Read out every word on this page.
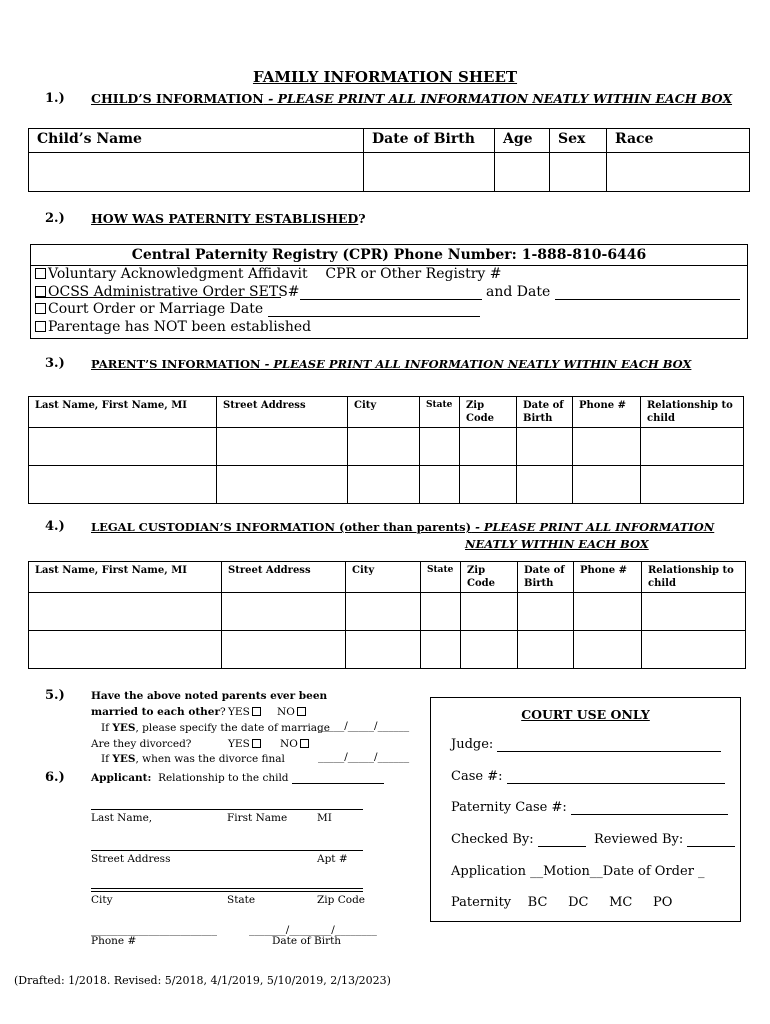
FAMILY INFORMATION SHEET
1.) CHILD’S INFORMATION - PLEASE PRINT ALL INFORMATION NEATLY WITHIN EACH BOX
Child’s Name	Date of Birth	Age	Sex	Race

2.) HOW WAS PATERNITY ESTABLISHED?
Central Paternity Registry (CPR) Phone Number: 1-888-810-6446
Voluntary Acknowledgment Affidavit CPR or Other Registry #
OCSS Administrative Order SETS#	and Date
Court Order or Marriage Date
Parentage has NOT been established
3.) PARENT’S INFORMATION - PLEASE PRINT ALL INFORMATION NEATLY WITHIN EACH BOX
Last Name, First Name, MI	Street Address	City	State	Zip Code	Date of Birth	Phone #	Relationship to child

4.) LEGAL CUSTODIAN’S INFORMATION (other than parents) - PLEASE PRINT ALL INFORMATION
NEATLY WITHIN EACH BOX
Last Name, First Name, MI	Street Address	City	State	Zip Code	Date of Birth	Phone #	Relationship to child

5.)	Have the above noted parents ever been
married to each other? YES	NO
If YES, please specify the date of marriage
_____/_____/______
Are they divorced?	YES	NO
If YES, when was the divorce final	_____/_____/______
6.)	Applicant: Relationship to the child
Last Name,	First Name	MI
Street Address	Apt #
City	State	Zip Code
________________________	_______/________/________
Phone #	Date of Birth
COURT USE ONLY
Judge:
Case #:
Paternity Case #:
Checked By:	Reviewed By:
Application __Motion__Date of Order _
Paternity    BC     DC     MC     PO
(Drafted: 1/2018. Revised: 5/2018, 4/1/2019, 5/10/2019, 2/13/2023)
